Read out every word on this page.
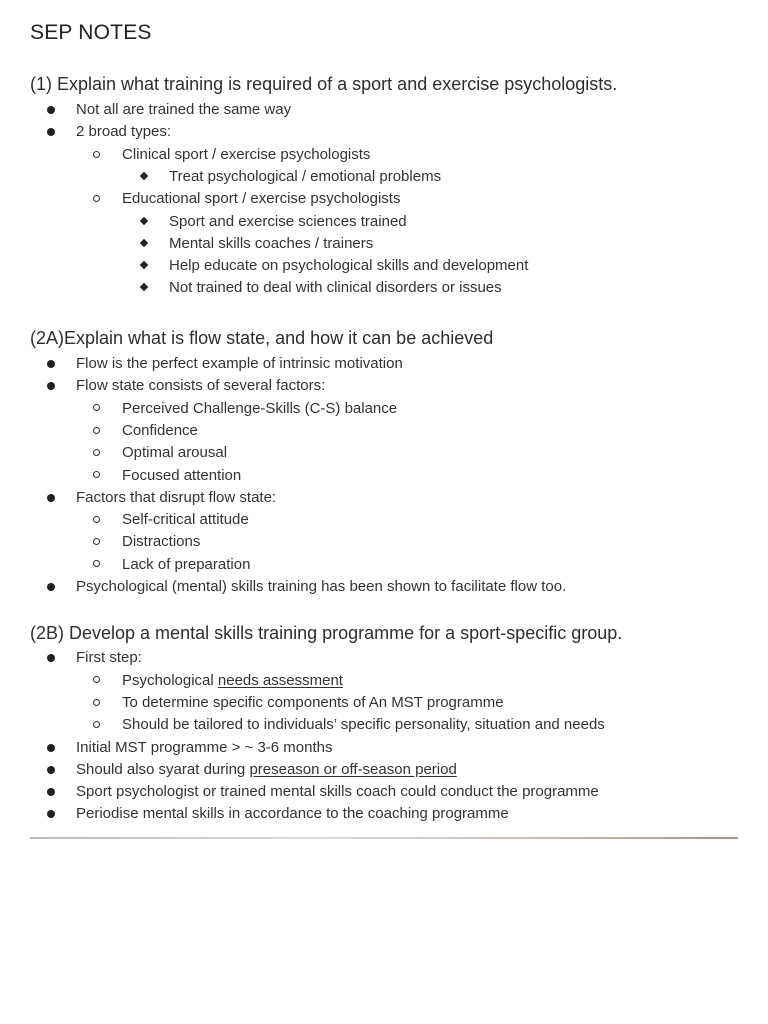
SEP NOTES
(1) Explain what training is required of a sport and exercise psychologists.
Not all are trained the same way
2 broad types:
Clinical sport / exercise psychologists
Treat psychological / emotional problems
Educational sport / exercise psychologists
Sport and exercise sciences trained
Mental skills coaches / trainers
Help educate on psychological skills and development
Not trained to deal with clinical disorders or issues
(2A)Explain what is flow state, and how it can be achieved
Flow is the perfect example of intrinsic motivation
Flow state consists of several factors:
Perceived Challenge-Skills (C-S) balance
Confidence
Optimal arousal
Focused attention
Factors that disrupt flow state:
Self-critical attitude
Distractions
Lack of preparation
Psychological (mental) skills training has been shown to facilitate flow too.
(2B) Develop a mental skills training programme for a sport-specific group.
First step:
Psychological needs assessment
To determine specific components of An MST programme
Should be tailored to individuals’ specific personality, situation and needs
Initial MST programme > ~ 3-6 months
Should also syarat during preseason or off-season period
Sport psychologist or trained mental skills coach could conduct the programme
Periodise mental skills in accordance to the coaching programme
